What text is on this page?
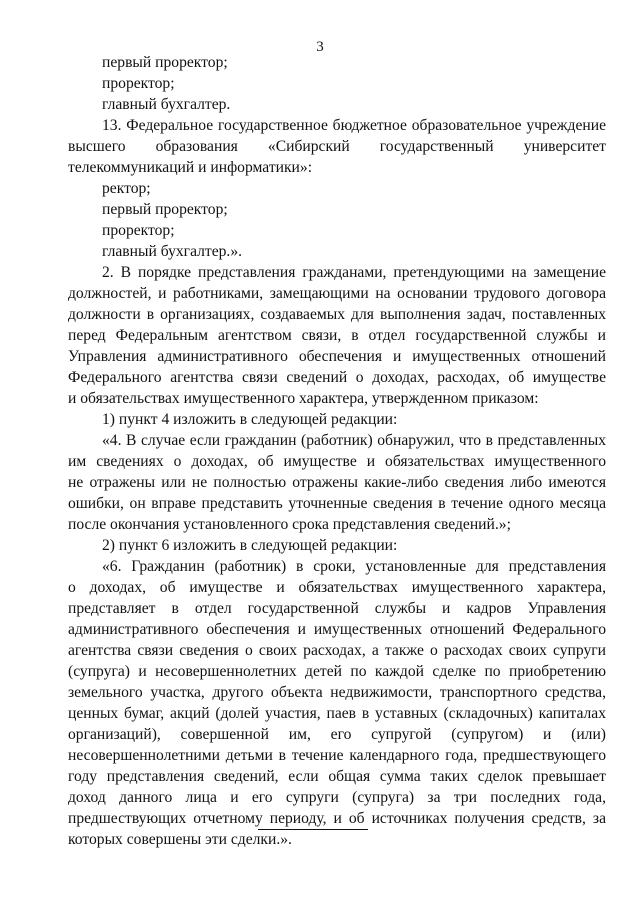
3
первый проректор;
проректор;
главный бухгалтер.
13. Федеральное государственное бюджетное образовательное учреждение
высшего образования «Сибирский государственный университет
телекоммуникаций и информатики»:
ректор;
первый проректор;
проректор;
главный бухгалтер.».
2. В порядке представления гражданами, претендующими на замещение
должностей, и работниками, замещающими на основании трудового договора
должности в организациях, создаваемых для выполнения задач, поставленных
перед Федеральным агентством связи, в отдел государственной службы и
Управления административного обеспечения и имущественных отношений
Федерального агентства связи сведений о доходах, расходах, об имуществе
и обязательствах имущественного характера, утвержденном приказом:
1) пункт 4 изложить в следующей редакции:
«4. В случае если гражданин (работник) обнаружил, что в представленных
им сведениях о доходах, об имуществе и обязательствах имущественного
не отражены или не полностью отражены какие-либо сведения либо имеются
ошибки, он вправе представить уточненные сведения в течение одного месяца
после окончания установленного срока представления сведений.»;
2) пункт 6 изложить в следующей редакции:
«6. Гражданин (работник) в сроки, установленные для представления
о доходах, об имуществе и обязательствах имущественного характера,
представляет в отдел государственной службы и кадров Управления
административного обеспечения и имущественных отношений Федерального
агентства связи сведения о своих расходах, а также о расходах своих супруги
(супруга) и несовершеннолетних детей по каждой сделке по приобретению
земельного участка, другого объекта недвижимости, транспортного средства,
ценных бумаг, акций (долей участия, паев в уставных (складочных) капиталах
организаций), совершенной им, его супругой (супругом) и (или)
несовершеннолетними детьми в течение календарного года, предшествующего
году представления сведений, если общая сумма таких сделок превышает
доход данного лица и его супруги (супруга) за три последних года,
предшествующих отчетному периоду, и об источниках получения средств, за
которых совершены эти сделки.».
